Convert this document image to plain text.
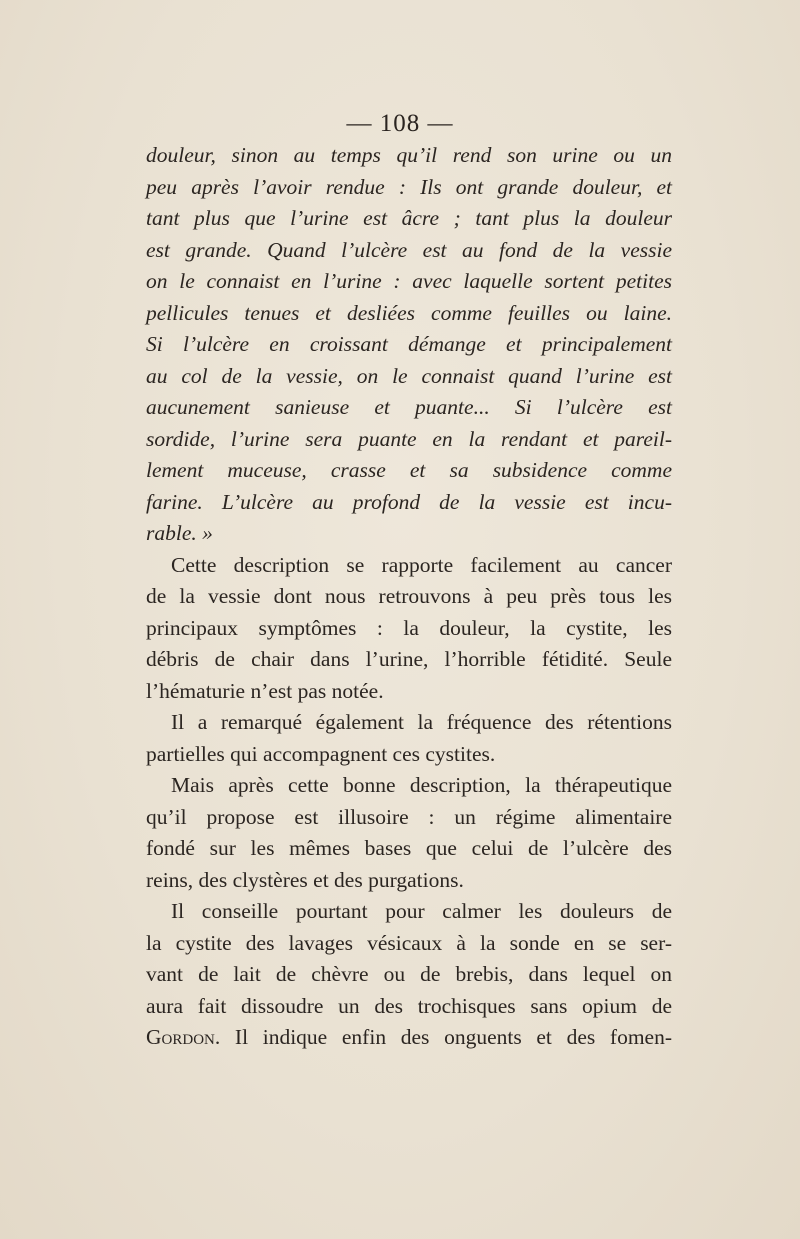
— 108 —
douleur, sinon au temps qu’il rend son urine ou un
peu après l’avoir rendue : Ils ont grande douleur, et
tant plus que l’urine est âcre ; tant plus la douleur
est grande. Quand l’ulcère est au fond de la vessie
on le connaist en l’urine : avec laquelle sortent petites
pellicules tenues et desliées comme feuilles ou laine.
Si l’ulcère en croissant démange et principalement
au col de la vessie, on le connaist quand l’urine est
aucunement sanieuse et puante... Si l’ulcère est
sordide, l’urine sera puante en la rendant et pareil-
lement muceuse, crasse et sa subsidence comme
farine. L’ulcère au profond de la vessie est incu-
rable. »
Cette description se rapporte facilement au cancer
de la vessie dont nous retrouvons à peu près tous les
principaux symptômes : la douleur, la cystite, les
débris de chair dans l’urine, l’horrible fétidité. Seule
l’hématurie n’est pas notée.
Il a remarqué également la fréquence des rétentions
partielles qui accompagnent ces cystites.
Mais après cette bonne description, la thérapeutique
qu’il propose est illusoire : un régime alimentaire
fondé sur les mêmes bases que celui de l’ulcère des
reins, des clystères et des purgations.
Il conseille pourtant pour calmer les douleurs de
la cystite des lavages vésicaux à la sonde en se ser-
vant de lait de chèvre ou de brebis, dans lequel on
aura fait dissoudre un des trochisques sans opium de
Gordon. Il indique enfin des onguents et des fomen-
